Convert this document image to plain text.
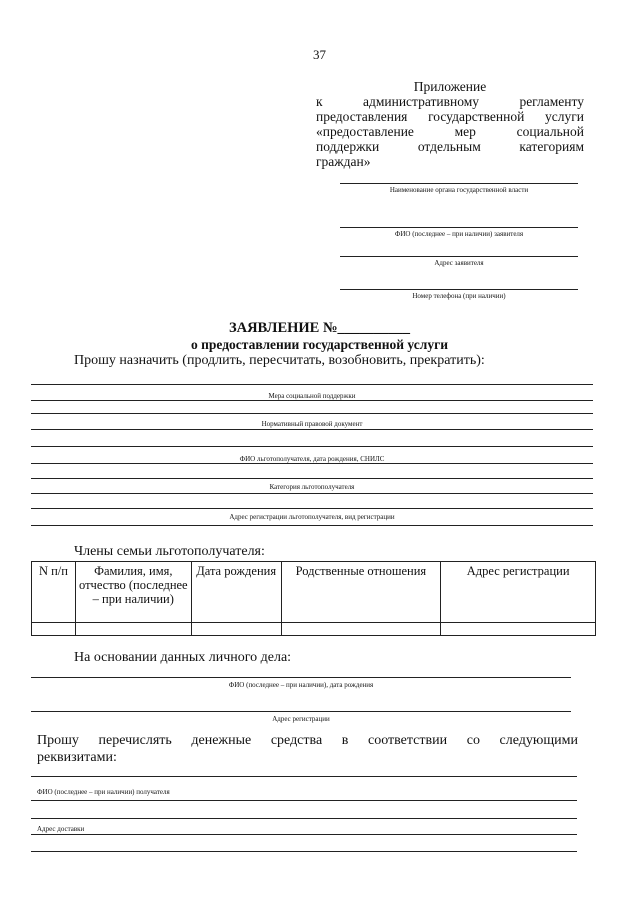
37
Приложение
к административному регламенту
предоставления государственной услуги
«предоставление мер социальной
поддержки отдельным категориям
граждан»
Наименование органа государственной власти
ФИО (последнее – при наличии) заявителя
Адрес заявителя
Номер телефона (при наличии)
ЗАЯВЛЕНИЕ №__________
о предоставлении государственной услуги
Прошу назначить (продлить, пересчитать, возобновить, прекратить):
Мера социальной поддержки
Нормативный правовой документ
ФИО льготополучателя, дата рождения, СНИЛС
Категория льготополучателя
Адрес регистрации льготополучателя, вид регистрации
Члены семьи льготополучателя:
N п/п	Фамилия, имя, отчество (последнее – при наличии)	Дата рождения	Родственные отношения	Адрес регистрации

На основании данных личного дела:
ФИО (последнее – при наличии), дата рождения
Адрес регистрации
Прошу перечислять денежные средства в соответствии со следующими
реквизитами:
ФИО (последнее – при наличии) получателя
Адрес доставки
